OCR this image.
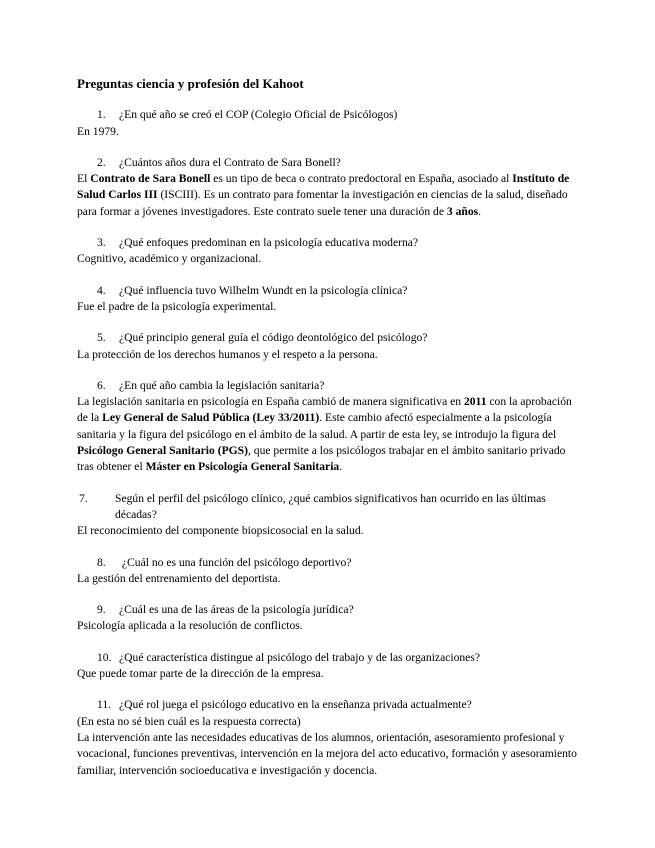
Preguntas ciencia y profesión del Kahoot

1. ¿En qué año se creó el COP (Colegio Oficial de Psicólogos)

En 1979.

2. ¿Cuántos años dura el Contrato de Sara Bonell?

El Contrato de Sara Bonell es un tipo de beca o contrato predoctoral en España, asociado al Instituto de Salud Carlos III (ISCIII). Es un contrato para fomentar la investigación en ciencias de la salud, diseñado para formar a jóvenes investigadores. Este contrato suele tener una duración de 3 años.

3. ¿Qué enfoques predominan en la psicología educativa moderna?

Cognitivo, académico y organizacional.

4. ¿Qué influencia tuvo Wilhelm Wundt en la psicología clínica?

Fue el padre de la psicología experimental.

5. ¿Qué principio general guía el código deontológico del psicólogo?

La protección de los derechos humanos y el respeto a la persona.

6. ¿En qué año cambia la legislación sanitaria?

La legislación sanitaria en psicología en España cambió de manera significativa en 2011 con la aprobación de la Ley General de Salud Pública (Ley 33/2011). Este cambio afectó especialmente a la psicología sanitaria y la figura del psicólogo en el ámbito de la salud. A partir de esta ley, se introdujo la figura del Psicólogo General Sanitario (PGS), que permite a los psicólogos trabajar en el ámbito sanitario privado tras obtener el Máster en Psicología General Sanitaria.

7. Según el perfil del psicólogo clínico, ¿qué cambios significativos han ocurrido en las últimas décadas?

El reconocimiento del componente biopsicosocial en la salud.

8. ¿Cuál no es una función del psicólogo deportivo?

La gestión del entrenamiento del deportista.

9. ¿Cuál es una de las áreas de la psicología jurídica?

Psicología aplicada a la resolución de conflictos.

10. ¿Qué característica distingue al psicólogo del trabajo y de las organizaciones?

Que puede tomar parte de la dirección de la empresa.

11. ¿Qué rol juega el psicólogo educativo en la enseñanza privada actualmente?

(En esta no sé bien cuál es la respuesta correcta)

La intervención ante las necesidades educativas de los alumnos, orientación, asesoramiento profesional y vocacional, funciones preventivas, intervención en la mejora del acto educativo, formación y asesoramiento familiar, intervención socioeducativa e investigación y docencia.
